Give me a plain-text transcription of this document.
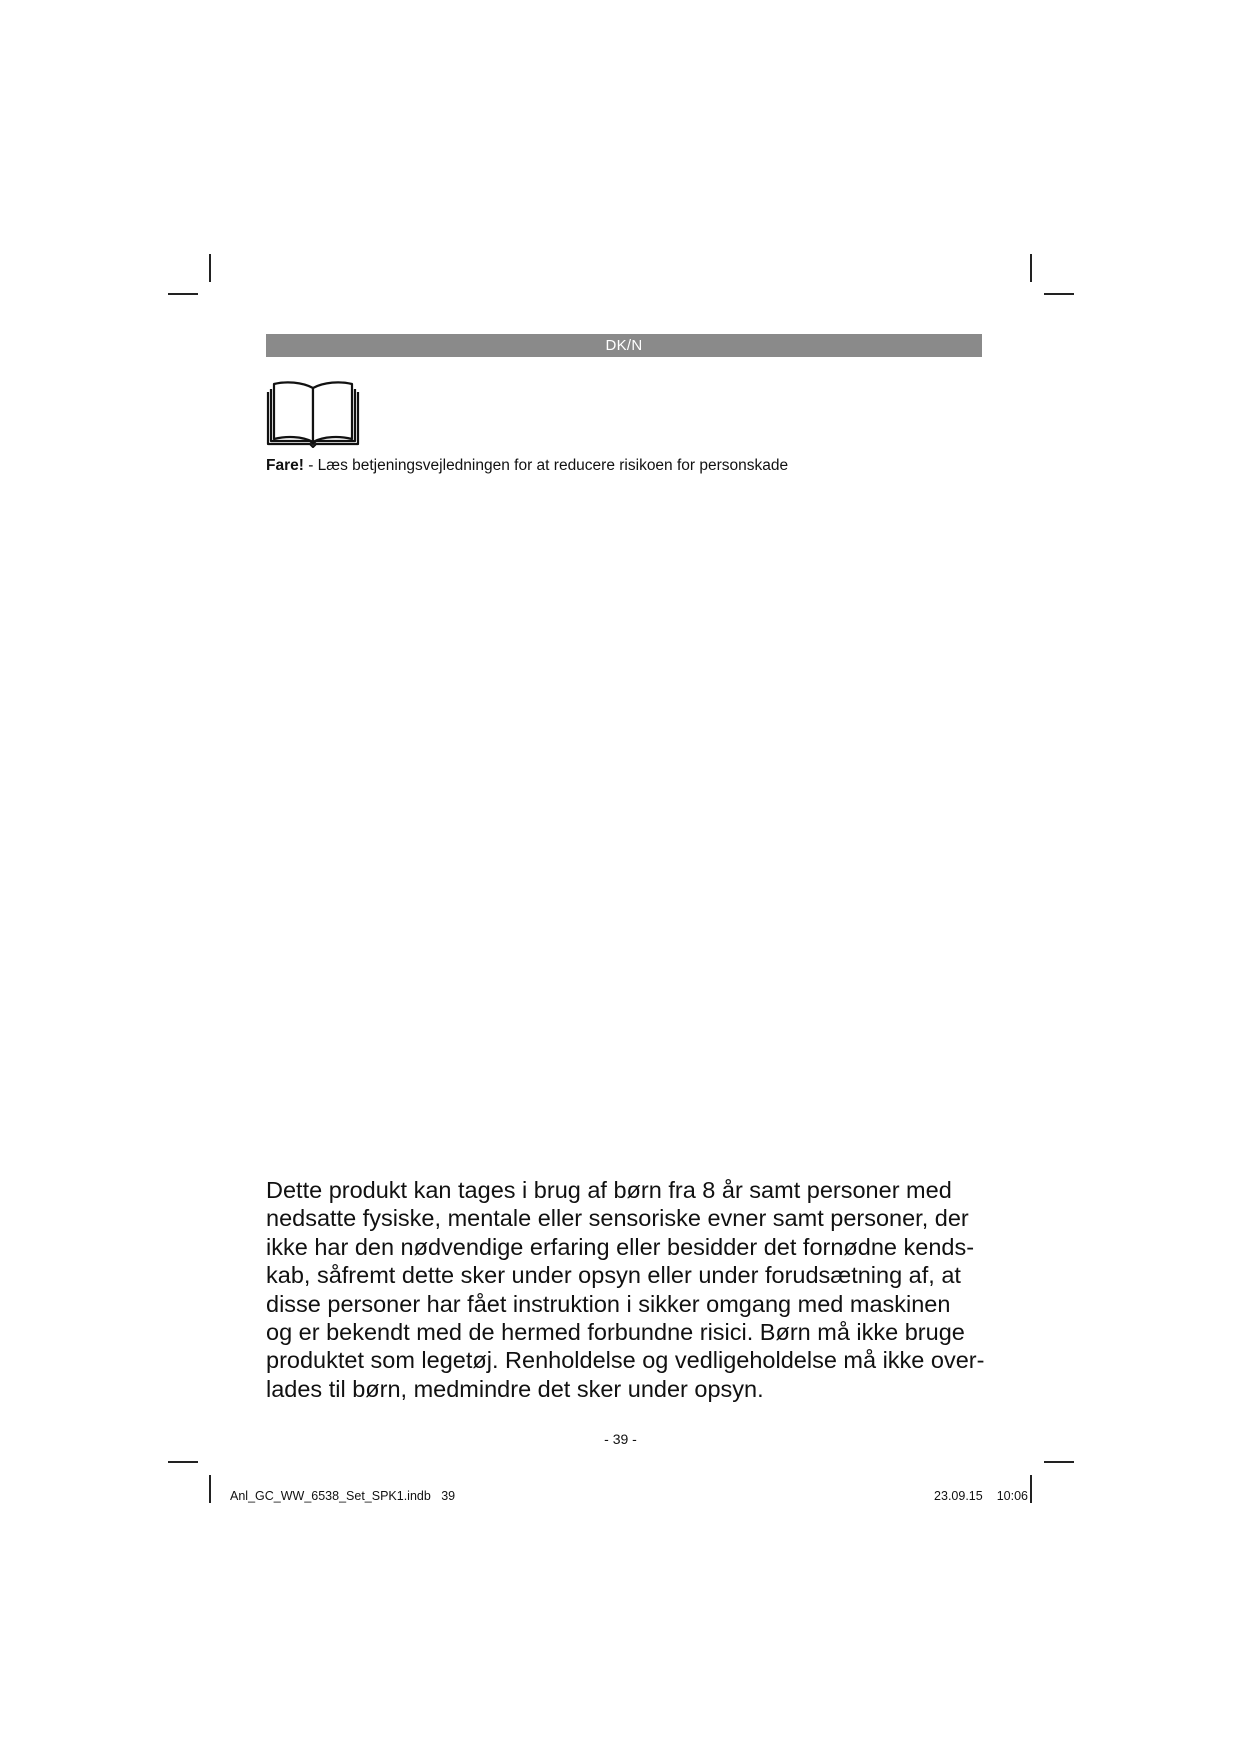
DK/N
Fare! - Læs betjeningsvejledningen for at reducere risikoen for personskade
Dette produkt kan tages i brug af børn fra 8 år samt personer med
nedsatte fysiske, mentale eller sensoriske evner samt personer, der
ikke har den nødvendige erfaring eller besidder det fornødne kends-
kab, såfremt dette sker under opsyn eller under forudsætning af, at
disse personer har fået instruktion i sikker omgang med maskinen
og er bekendt med de hermed forbundne risici. Børn må ikke bruge
produktet som legetøj. Renholdelse og vedligeholdelse må ikke over-
lades til børn, medmindre det sker under opsyn.
- 39 -
Anl_GC_WW_6538_Set_SPK1.indb   39	23.09.15 10:06
